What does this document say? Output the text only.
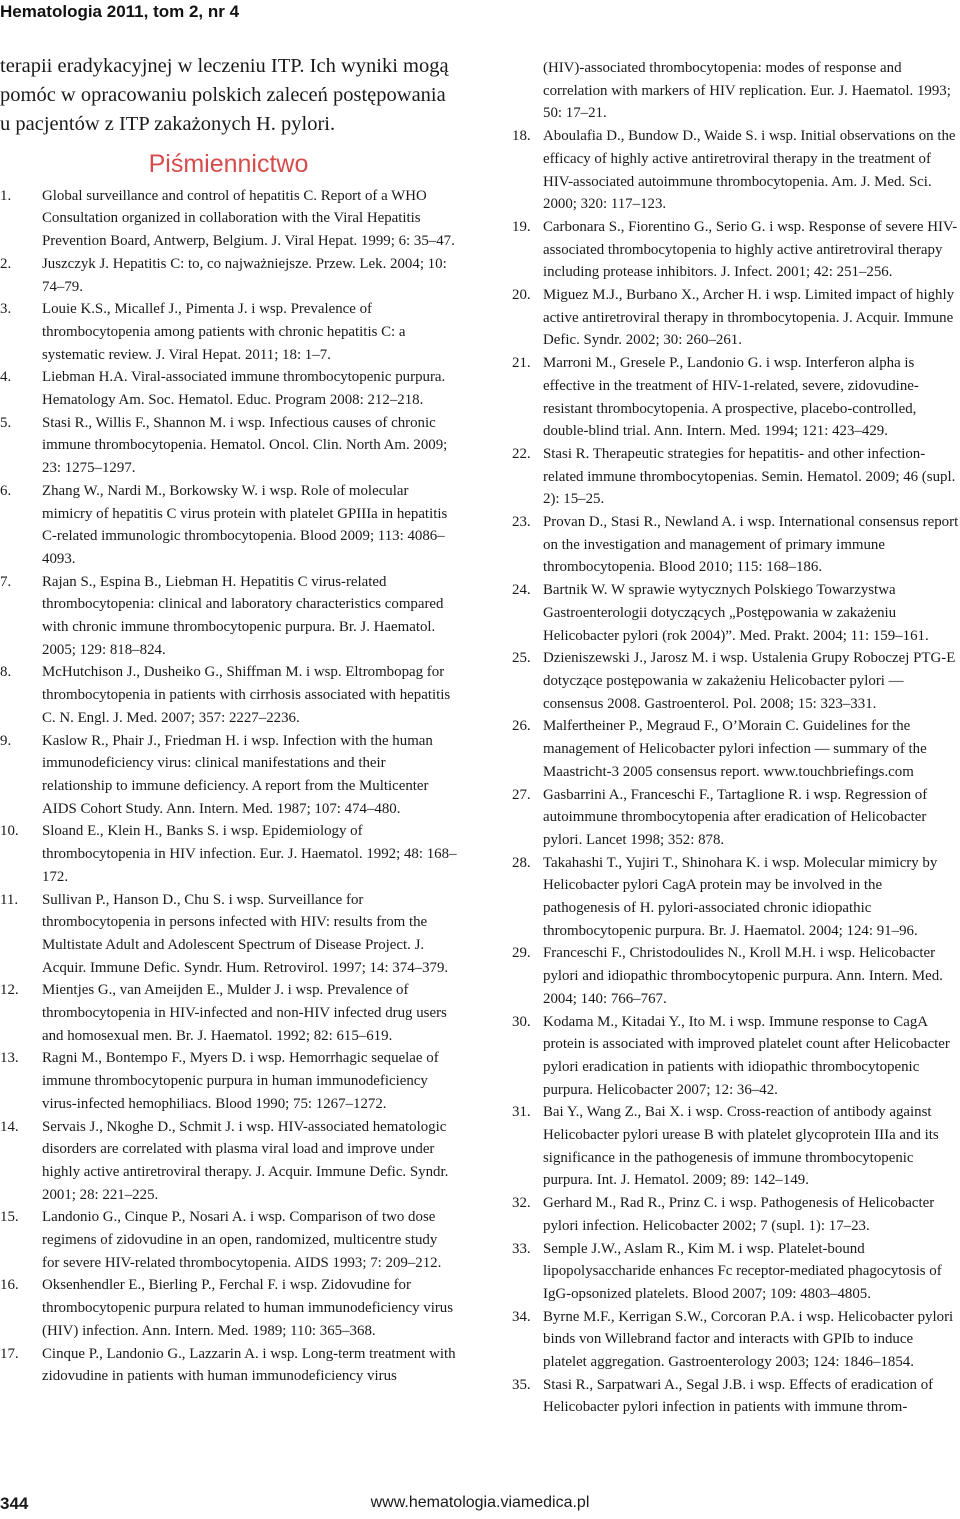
Hematologia 2011, tom 2, nr 4

terapii eradykacyjnej w leczeniu ITP. Ich wyniki mogą pomóc w opracowaniu polskich zaleceń postępowania u pacjentów z ITP zakażonych H. pylori.

Piśmiennictwo
1. Global surveillance and control of hepatitis C. Report of a WHO Consultation organized in collaboration with the Viral Hepatitis Prevention Board, Antwerp, Belgium. J. Viral Hepat. 1999; 6: 35–47.
2. Juszczyk J. Hepatitis C: to, co najważniejsze. Przew. Lek. 2004; 10: 74–79.
3. Louie K.S., Micallef J., Pimenta J. i wsp. Prevalence of thrombocytopenia among patients with chronic hepatitis C: a systematic review. J. Viral Hepat. 2011; 18: 1–7.
4. Liebman H.A. Viral-associated immune thrombocytopenic purpura. Hematology Am. Soc. Hematol. Educ. Program 2008: 212–218.
5. Stasi R., Willis F., Shannon M. i wsp. Infectious causes of chronic immune thrombocytopenia. Hematol. Oncol. Clin. North Am. 2009; 23: 1275–1297.
6. Zhang W., Nardi M., Borkowsky W. i wsp. Role of molecular mimicry of hepatitis C virus protein with platelet GPIIIa in hepatitis C-related immunologic thrombocytopenia. Blood 2009; 113: 4086–4093.
7. Rajan S., Espina B., Liebman H. Hepatitis C virus-related thrombocytopenia: clinical and laboratory characteristics compared with chronic immune thrombocytopenic purpura. Br. J. Haematol. 2005; 129: 818–824.
8. McHutchison J., Dusheiko G., Shiffman M. i wsp. Eltrombopag for thrombocytopenia in patients with cirrhosis associated with hepatitis C. N. Engl. J. Med. 2007; 357: 2227–2236.
9. Kaslow R., Phair J., Friedman H. i wsp. Infection with the human immunodeficiency virus: clinical manifestations and their relationship to immune deficiency. A report from the Multicenter AIDS Cohort Study. Ann. Intern. Med. 1987; 107: 474–480.
10. Sloand E., Klein H., Banks S. i wsp. Epidemiology of thrombocytopenia in HIV infection. Eur. J. Haematol. 1992; 48: 168–172.
11. Sullivan P., Hanson D., Chu S. i wsp. Surveillance for thrombocytopenia in persons infected with HIV: results from the Multistate Adult and Adolescent Spectrum of Disease Project. J. Acquir. Immune Defic. Syndr. Hum. Retrovirol. 1997; 14: 374–379.
12. Mientjes G., van Ameijden E., Mulder J. i wsp. Prevalence of thrombocytopenia in HIV-infected and non-HIV infected drug users and homosexual men. Br. J. Haematol. 1992; 82: 615–619.
13. Ragni M., Bontempo F., Myers D. i wsp. Hemorrhagic sequelae of immune thrombocytopenic purpura in human immunodeficiency virus-infected hemophiliacs. Blood 1990; 75: 1267–1272.
14. Servais J., Nkoghe D., Schmit J. i wsp. HIV-associated hematologic disorders are correlated with plasma viral load and improve under highly active antiretroviral therapy. J. Acquir. Immune Defic. Syndr. 2001; 28: 221–225.
15. Landonio G., Cinque P., Nosari A. i wsp. Comparison of two dose regimens of zidovudine in an open, randomized, multicentre study for severe HIV-related thrombocytopenia. AIDS 1993; 7: 209–212.
16. Oksenhendler E., Bierling P., Ferchal F. i wsp. Zidovudine for thrombocytopenic purpura related to human immunodeficiency virus (HIV) infection. Ann. Intern. Med. 1989; 110: 365–368.
17. Cinque P., Landonio G., Lazzarin A. i wsp. Long-term treatment with zidovudine in patients with human immunodeficiency virus

(HIV)-associated thrombocytopenia: modes of response and correlation with markers of HIV replication. Eur. J. Haematol. 1993; 50: 17–21.

18. Aboulafia D., Bundow D., Waide S. i wsp. Initial observations on the efficacy of highly active antiretroviral therapy in the treatment of HIV-associated autoimmune thrombocytopenia. Am. J. Med. Sci. 2000; 320: 117–123.
19. Carbonara S., Fiorentino G., Serio G. i wsp. Response of severe HIV-associated thrombocytopenia to highly active antiretroviral therapy including protease inhibitors. J. Infect. 2001; 42: 251–256.
20. Miguez M.J., Burbano X., Archer H. i wsp. Limited impact of highly active antiretroviral therapy in thrombocytopenia. J. Acquir. Immune Defic. Syndr. 2002; 30: 260–261.
21. Marroni M., Gresele P., Landonio G. i wsp. Interferon alpha is effective in the treatment of HIV-1-related, severe, zidovudine-resistant thrombocytopenia. A prospective, placebo-controlled, double-blind trial. Ann. Intern. Med. 1994; 121: 423–429.
22. Stasi R. Therapeutic strategies for hepatitis- and other infection-related immune thrombocytopenias. Semin. Hematol. 2009; 46 (supl. 2): 15–25.
23. Provan D., Stasi R., Newland A. i wsp. International consensus report on the investigation and management of primary immune thrombocytopenia. Blood 2010; 115: 168–186.
24. Bartnik W. W sprawie wytycznych Polskiego Towarzystwa Gastroenterologii dotyczących „Postępowania w zakażeniu Helicobacter pylori (rok 2004)”. Med. Prakt. 2004; 11: 159–161.
25. Dzieniszewski J., Jarosz M. i wsp. Ustalenia Grupy Roboczej PTG-E dotyczące postępowania w zakażeniu Helicobacter pylori — consensus 2008. Gastroenterol. Pol. 2008; 15: 323–331.
26. Malfertheiner P., Megraud F., O’Morain C. Guidelines for the management of Helicobacter pylori infection — summary of the Maastricht-3 2005 consensus report. www.touchbriefings.com
27. Gasbarrini A., Franceschi F., Tartaglione R. i wsp. Regression of autoimmune thrombocytopenia after eradication of Helicobacter pylori. Lancet 1998; 352: 878.
28. Takahashi T., Yujiri T., Shinohara K. i wsp. Molecular mimicry by Helicobacter pylori CagA protein may be involved in the pathogenesis of H. pylori-associated chronic idiopathic thrombocytopenic purpura. Br. J. Haematol. 2004; 124: 91–96.
29. Franceschi F., Christodoulides N., Kroll M.H. i wsp. Helicobacter pylori and idiopathic thrombocytopenic purpura. Ann. Intern. Med. 2004; 140: 766–767.
30. Kodama M., Kitadai Y., Ito M. i wsp. Immune response to CagA protein is associated with improved platelet count after Helicobacter pylori eradication in patients with idiopathic thrombocytopenic purpura. Helicobacter 2007; 12: 36–42.
31. Bai Y., Wang Z., Bai X. i wsp. Cross-reaction of antibody against Helicobacter pylori urease B with platelet glycoprotein IIIa and its significance in the pathogenesis of immune thrombocytopenic purpura. Int. J. Hematol. 2009; 89: 142–149.
32. Gerhard M., Rad R., Prinz C. i wsp. Pathogenesis of Helicobacter pylori infection. Helicobacter 2002; 7 (supl. 1): 17–23.
33. Semple J.W., Aslam R., Kim M. i wsp. Platelet-bound lipopolysaccharide enhances Fc receptor-mediated phagocytosis of IgG-opsonized platelets. Blood 2007; 109: 4803–4805.
34. Byrne M.F., Kerrigan S.W., Corcoran P.A. i wsp. Helicobacter pylori binds von Willebrand factor and interacts with GPIb to induce platelet aggregation. Gastroenterology 2003; 124: 1846–1854.
35. Stasi R., Sarpatwari A., Segal J.B. i wsp. Effects of eradication of Helicobacter pylori infection in patients with immune throm-
344	www.hematologia.viamedica.pl
